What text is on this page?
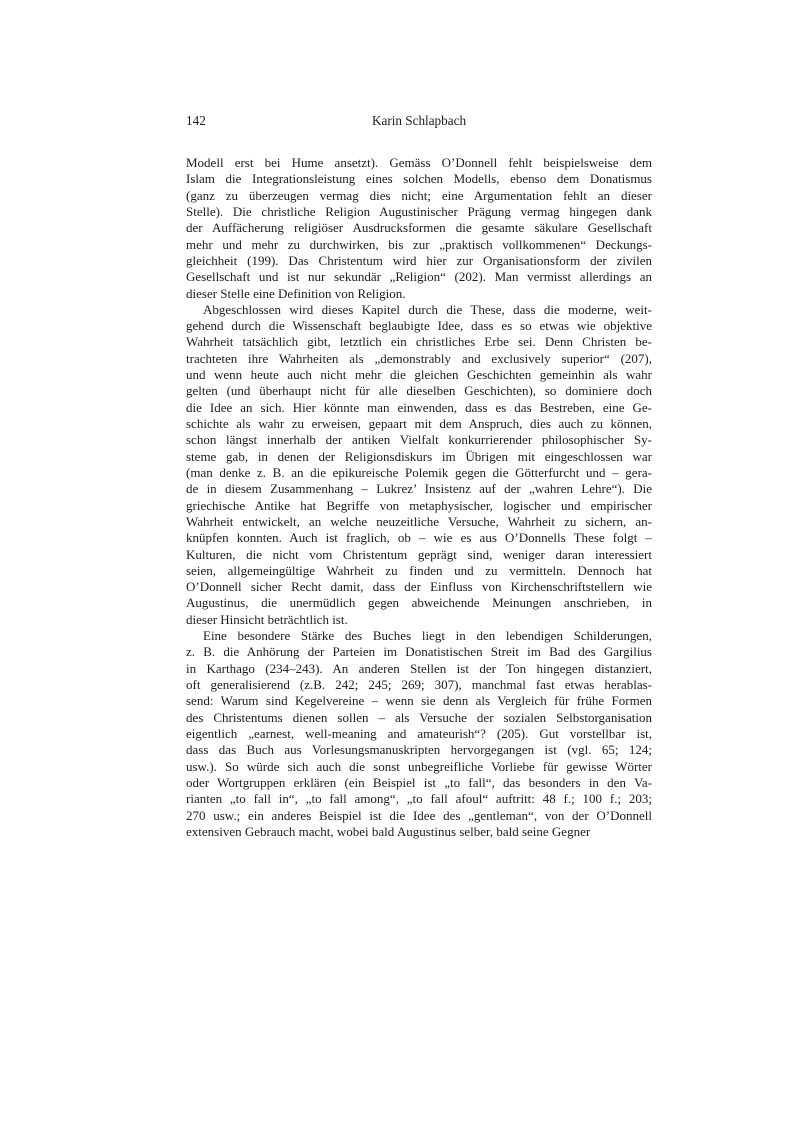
142	Karin Schlapbach
Modell erst bei Hume ansetzt). Gemäss O’Donnell fehlt beispielsweise dem
Islam die Integrationsleistung eines solchen Modells, ebenso dem Donatismus
(ganz zu überzeugen vermag dies nicht; eine Argumentation fehlt an dieser
Stelle). Die christliche Religion Augustinischer Prägung vermag hingegen dank
der Auffächerung religiöser Ausdrucksformen die gesamte säkulare Gesellschaft
mehr und mehr zu durchwirken, bis zur „praktisch vollkommenen“ Deckungs-
gleichheit (199). Das Christentum wird hier zur Organisationsform der zivilen
Gesellschaft und ist nur sekundär „Religion“ (202). Man vermisst allerdings an
dieser Stelle eine Definition von Religion.
Abgeschlossen wird dieses Kapitel durch die These, dass die moderne, weit-
gehend durch die Wissenschaft beglaubigte Idee, dass es so etwas wie objektive
Wahrheit tatsächlich gibt, letztlich ein christliches Erbe sei. Denn Christen be-
trachteten ihre Wahrheiten als „demonstrably and exclusively superior“ (207),
und wenn heute auch nicht mehr die gleichen Geschichten gemeinhin als wahr
gelten (und überhaupt nicht für alle dieselben Geschichten), so dominiere doch
die Idee an sich. Hier könnte man einwenden, dass es das Bestreben, eine Ge-
schichte als wahr zu erweisen, gepaart mit dem Anspruch, dies auch zu können,
schon längst innerhalb der antiken Vielfalt konkurrierender philosophischer Sy-
steme gab, in denen der Religionsdiskurs im Übrigen mit eingeschlossen war
(man denke z. B. an die epikureische Polemik gegen die Götterfurcht und – gera-
de in diesem Zusammenhang – Lukrez’ Insistenz auf der „wahren Lehre“). Die
griechische Antike hat Begriffe von metaphysischer, logischer und empirischer
Wahrheit entwickelt, an welche neuzeitliche Versuche, Wahrheit zu sichern, an-
knüpfen konnten. Auch ist fraglich, ob – wie es aus O’Donnells These folgt –
Kulturen, die nicht vom Christentum geprägt sind, weniger daran interessiert
seien, allgemeingültige Wahrheit zu finden und zu vermitteln. Dennoch hat
O’Donnell sicher Recht damit, dass der Einfluss von Kirchenschriftstellern wie
Augustinus, die unermüdlich gegen abweichende Meinungen anschrieben, in
dieser Hinsicht beträchtlich ist.
Eine besondere Stärke des Buches liegt in den lebendigen Schilderungen,
z. B. die Anhörung der Parteien im Donatistischen Streit im Bad des Gargilius
in Karthago (234–243). An anderen Stellen ist der Ton hingegen distanziert,
oft generalisierend (z.B. 242; 245; 269; 307), manchmal fast etwas herablas-
send: Warum sind Kegelvereine – wenn sie denn als Vergleich für frühe Formen
des Christentums dienen sollen – als Versuche der sozialen Selbstorganisation
eigentlich „earnest, well-meaning and amateurish“? (205). Gut vorstellbar ist,
dass das Buch aus Vorlesungsmanuskripten hervorgegangen ist (vgl. 65; 124;
usw.). So würde sich auch die sonst unbegreifliche Vorliebe für gewisse Wörter
oder Wortgruppen erklären (ein Beispiel ist „to fall“, das besonders in den Va-
rianten „to fall in“, „to fall among“, „to fall afoul“ auftritt: 48 f.; 100 f.; 203;
270 usw.; ein anderes Beispiel ist die Idee des „gentleman“, von der O’Donnell
extensiven Gebrauch macht, wobei bald Augustinus selber, bald seine Gegner
